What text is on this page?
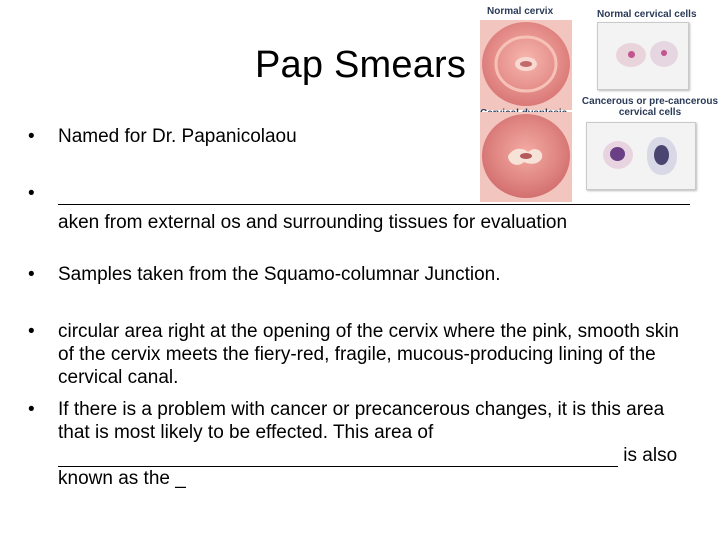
Pap Smears
• Named for Dr. Papanicolaou
• aken from external os and surrounding tissues for evaluation
• Samples taken from the Squamo-columnar Junction.
• circular area right at the opening of the cervix where the pink, smooth skin of the cervix meets the fiery-red, fragile, mucous-producing lining of the cervical canal.
• If there is a problem with cancer or precancerous changes, it is this area that is most likely to be effected. This area of
is also
known as the _
Normal cervix	Normal cervical cells
Cancerous or pre-cancerous cervical cells
